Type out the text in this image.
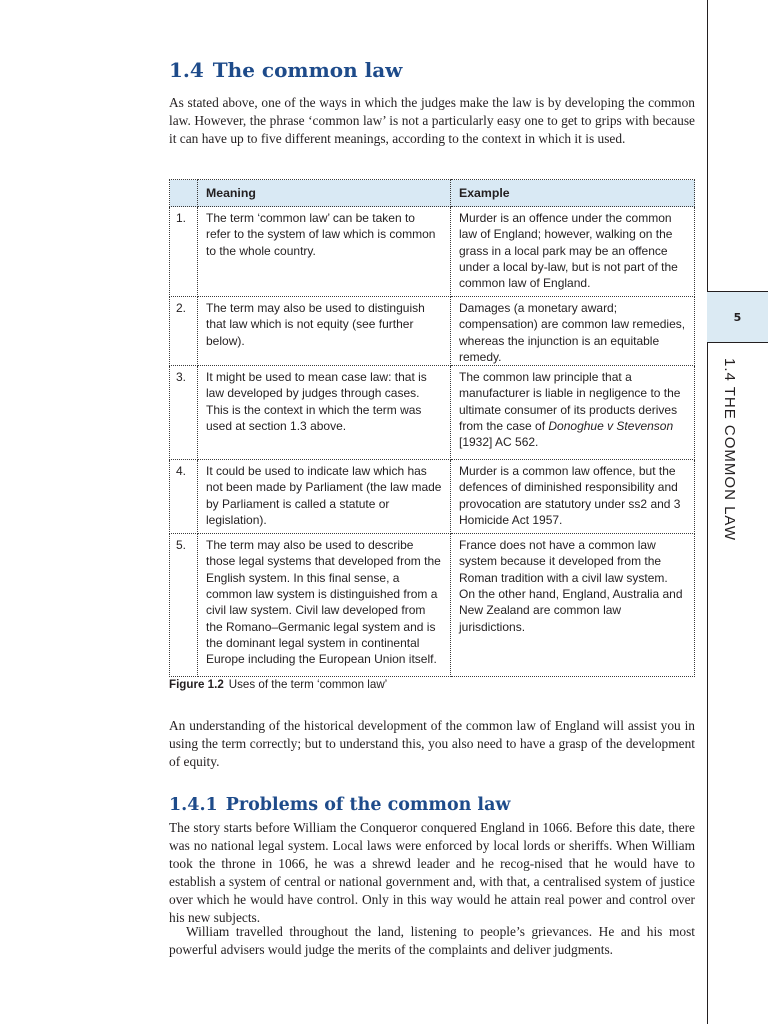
5
1.4 THE COMMON LAW
1.4 The common law

As stated above, one of the ways in which the judges make the law is by developing the common law. However, the phrase ‘common law’ is not a particularly easy one to get to grips with because it can have up to five different meanings, according to the context in which it is used.

	Meaning	Example
1.	The term ‘common law’ can be taken to refer to the system of law which is common to the whole country.	Murder is an offence under the common law of England; however, walking on the grass in a local park may be an offence under a local by-law, but is not part of the common law of England.
2.	The term may also be used to distinguish that law which is not equity (see further below).	Damages (a monetary award; compensation) are common law remedies, whereas the injunction is an equitable remedy.
3.	It might be used to mean case law: that is law developed by judges through cases. This is the context in which the term was used at section 1.3 above.	The common law principle that a manufacturer is liable in negligence to the ultimate consumer of its products derives from the case of Donoghue v Stevenson [1932] AC 562.
4.	It could be used to indicate law which has not been made by Parliament (the law made by Parliament is called a statute or legislation).	Murder is a common law offence, but the defences of diminished responsibility and provocation are statutory under ss2 and 3 Homicide Act 1957.
5.	The term may also be used to describe those legal systems that developed from the English system. In this final sense, a common law system is distinguished from a civil law system. Civil law developed from the Romano–Germanic legal system and is the dominant legal system in continental Europe including the European Union itself.	France does not have a common law system because it developed from the Roman tradition with a civil law system. On the other hand, England, Australia and New Zealand are common law jurisdictions.
Figure 1.2 Uses of the term ‘common law’

An understanding of the historical development of the common law of England will assist you in using the term correctly; but to understand this, you also need to have a grasp of the development of equity.

1.4.1 Problems of the common law

The story starts before William the Conqueror conquered England in 1066. Before this date, there was no national legal system. Local laws were enforced by local lords or sheriffs. When William took the throne in 1066, he was a shrewd leader and he recog-nised that he would have to establish a system of central or national government and, with that, a centralised system of justice over which he would have control. Only in this way would he attain real power and control over his new subjects.

William travelled throughout the land, listening to people’s grievances. He and his most powerful advisers would judge the merits of the complaints and deliver judgments.
